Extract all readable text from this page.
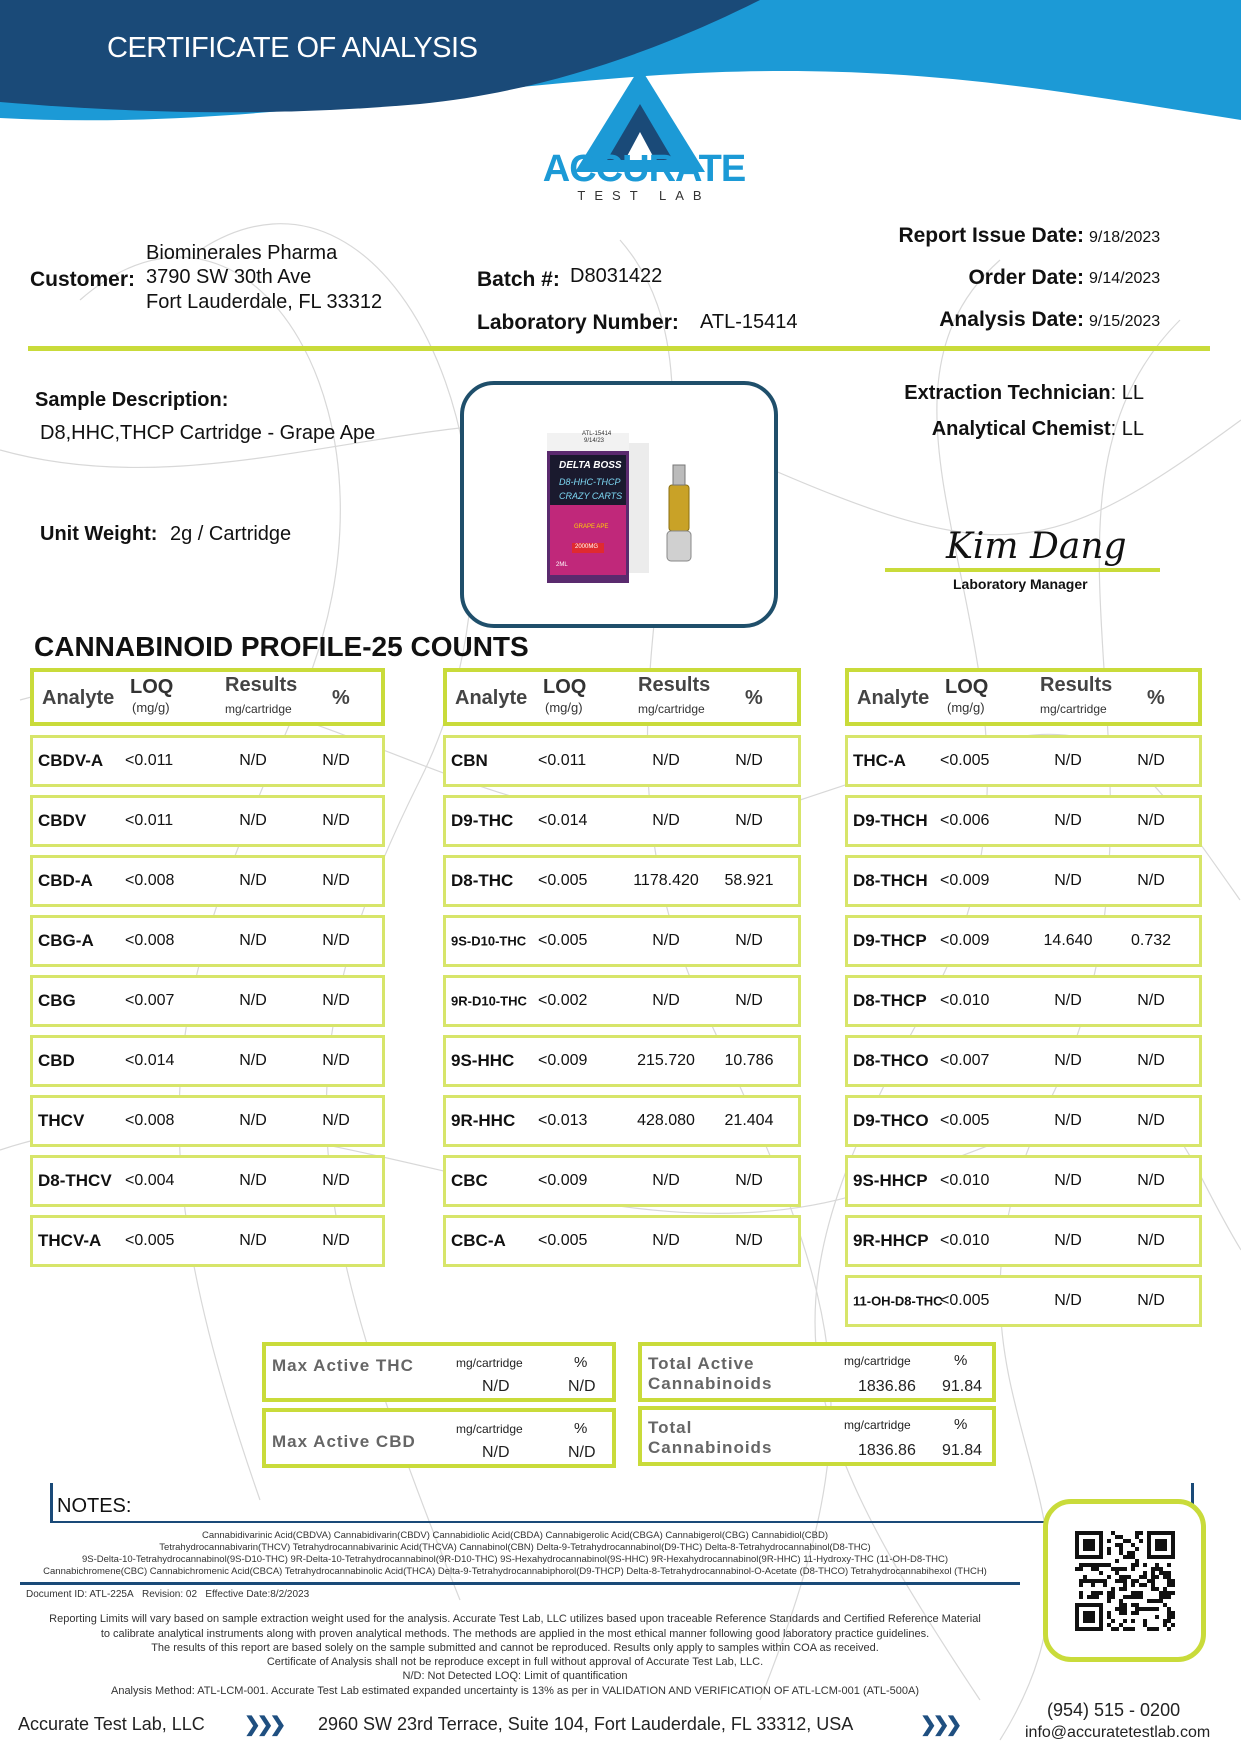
CERTIFICATE OF ANALYSIS
ACCURATE
TEST LAB
Customer:
Biominerales Pharma
3790 SW 30th Ave
Fort Lauderdale, FL 33312
Batch #: D8031422
Laboratory Number: ATL-15414
Report Issue Date: 9/18/2023
Order Date: 9/14/2023
Analysis Date: 9/15/2023
Sample Description:
D8,HHC,THCP Cartridge - Grape Ape
Unit Weight: 2g / Cartridge
ATL-15414
9/14/23
DELTA BOSS
D8-HHC-THCP
CRAZY CARTS
GRAPE APE
2000MG
2ML
Extraction Technician: LL
Analytical Chemist: LL
Kim Dang
Laboratory Manager
CANNABINOID PROFILE-25 COUNTS
Analyte LOQ
(mg/g)
Results
mg/cartridge %
CBDV-A <0.011	N/D	N/D
CBDV <0.011	N/D	N/D
CBD-A <0.008	N/D	N/D
CBG-A <0.008	N/D	N/D
CBG	<0.007	N/D	N/D
CBD	<0.014	N/D	N/D
THCV	<0.008	N/D	N/D
D8-THCV <0.004	N/D	N/D
THCV-A <0.005	N/D	N/D
Analyte LOQ
(mg/g)
Results
mg/cartridge %
CBN	<0.011	N/D	N/D
D9-THC <0.014	N/D	N/D
D8-THC <0.005	1178.420	58.921
9S-D10-THC <0.005	N/D	N/D
9R-D10-THC <0.002	N/D	N/D
9S-HHC <0.009	215.720	10.786
9R-HHC <0.013	428.080	21.404
CBC	<0.009	N/D	N/D
CBC-A <0.005	N/D	N/D
Analyte LOQ
(mg/g)
Results
mg/cartridge %
THC-A <0.005	N/D	N/D
D9-THCH <0.006	N/D	N/D
D8-THCH <0.009	N/D	N/D
D9-THCP <0.009	14.640	0.732
D8-THCP <0.010	N/D	N/D
D8-THCO <0.007	N/D	N/D
D9-THCO <0.005	N/D	N/D
9S-HHCP <0.010	N/D	N/D
9R-HHCP <0.010	N/D	N/D
11-OH-D8-THC
<0.005	N/D	N/D
Max Active THC	mg/cartridge	%
N/D	N/D
Max Active CBD
mg/cartridge	%
N/D	N/D
Total Active
Cannabinoids
mg/cartridge	%
1836.86 91.84
Total
Cannabinoids
mg/cartridge	%
1836.86 91.84
NOTES:
Cannabidivarinic Acid(CBDVA) Cannabidivarin(CBDV) Cannabidiolic Acid(CBDA) Cannabigerolic Acid(CBGA) Cannabigerol(CBG) Cannabidiol(CBD)
Tetrahydrocannabivarin(THCV) Tetrahydrocannabivarinic Acid(THCVA) Cannabinol(CBN) Delta-9-Tetrahydrocannabinol(D9-THC) Delta-8-Tetrahydrocannabinol(D8-THC)
9S-Delta-10-Tetrahydrocannabinol(9S-D10-THC) 9R-Delta-10-Tetrahydrocannabinol(9R-D10-THC) 9S-Hexahydrocannabinol(9S-HHC) 9R-Hexahydrocannabinol(9R-HHC) 11-Hydroxy-THC (11-OH-D8-THC)
Cannabichromene(CBC) Cannabichromenic Acid(CBCA) Tetrahydrocannabinolic Acid(THCA) Delta-9-Tetrahydrocannabiphorol(D9-THCP) Delta-8-Tetrahydrocannabinol-O-Acetate (D8-THCO) Tetrahydrocannabihexol (THCH)
Document ID: ATL-225A Revision: 02 Effective Date:8/2/2023
Reporting Limits will vary based on sample extraction weight used for the analysis. Accurate Test Lab, LLC utilizes based upon traceable Reference Standards and Certified Reference Material
to calibrate analytical instruments along with proven analytical methods. The methods are applied in the most ethical manner following good laboratory practice guidelines.
The results of this report are based solely on the sample submitted and cannot be reproduced. Results only apply to samples within COA as received.
Certificate of Analysis shall not be reproduce except in full without approval of Accurate Test Lab, LLC.
N/D: Not Detected LOQ: Limit of quantification
Analysis Method: ATL-LCM-001. Accurate Test Lab estimated expanded uncertainty is 13% as per in VALIDATION AND VERIFICATION OF ATL-LCM-001 (ATL-500A)
Accurate Test Lab, LLC ❯❯❯ 2960 SW 23rd Terrace, Suite 104, Fort Lauderdale, FL 33312, USA	❯❯❯
(954) 515 - 0200
info@accuratetestlab.com
